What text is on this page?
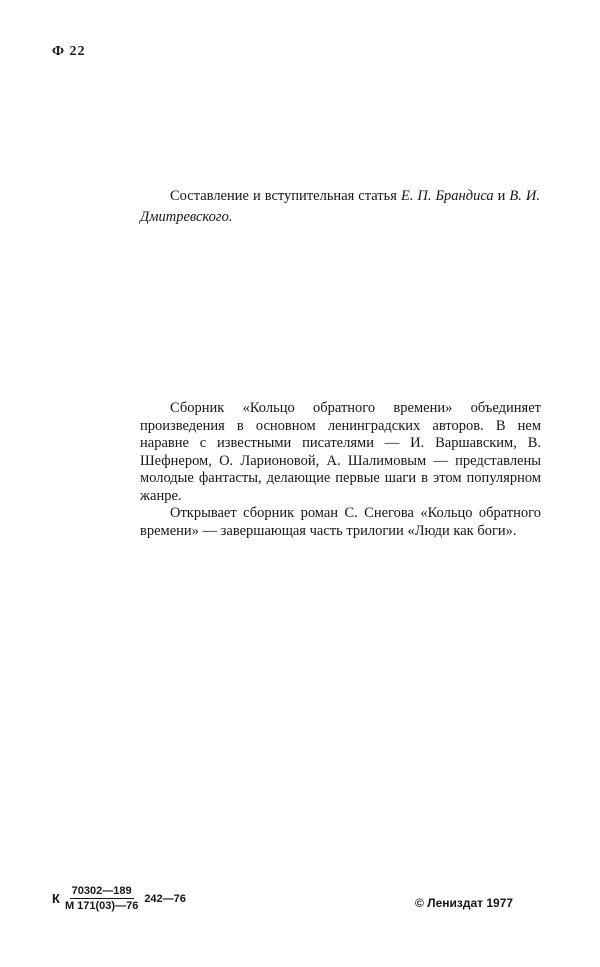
Ф 22

Составление и вступительная статья Е. П. Брандиса и В. И. Дмитревского.

Сборник «Кольцо обратного времени» объединяет произведения в основном ленинградских авторов. В нем наравне с известными писателями — И. Варшавским, В. Шефнером, О. Ларионовой, А. Шалимовым — представлены молодые фантасты, делающие первые шаги в этом популярном жанре.

Открывает сборник роман С. Снегова «Кольцо обратного времени» — завершающая часть трилогии «Люди как боги».

К $\frac{70302—189}{М 171(03)—76}$ 242—76	© Лениздат 1977
